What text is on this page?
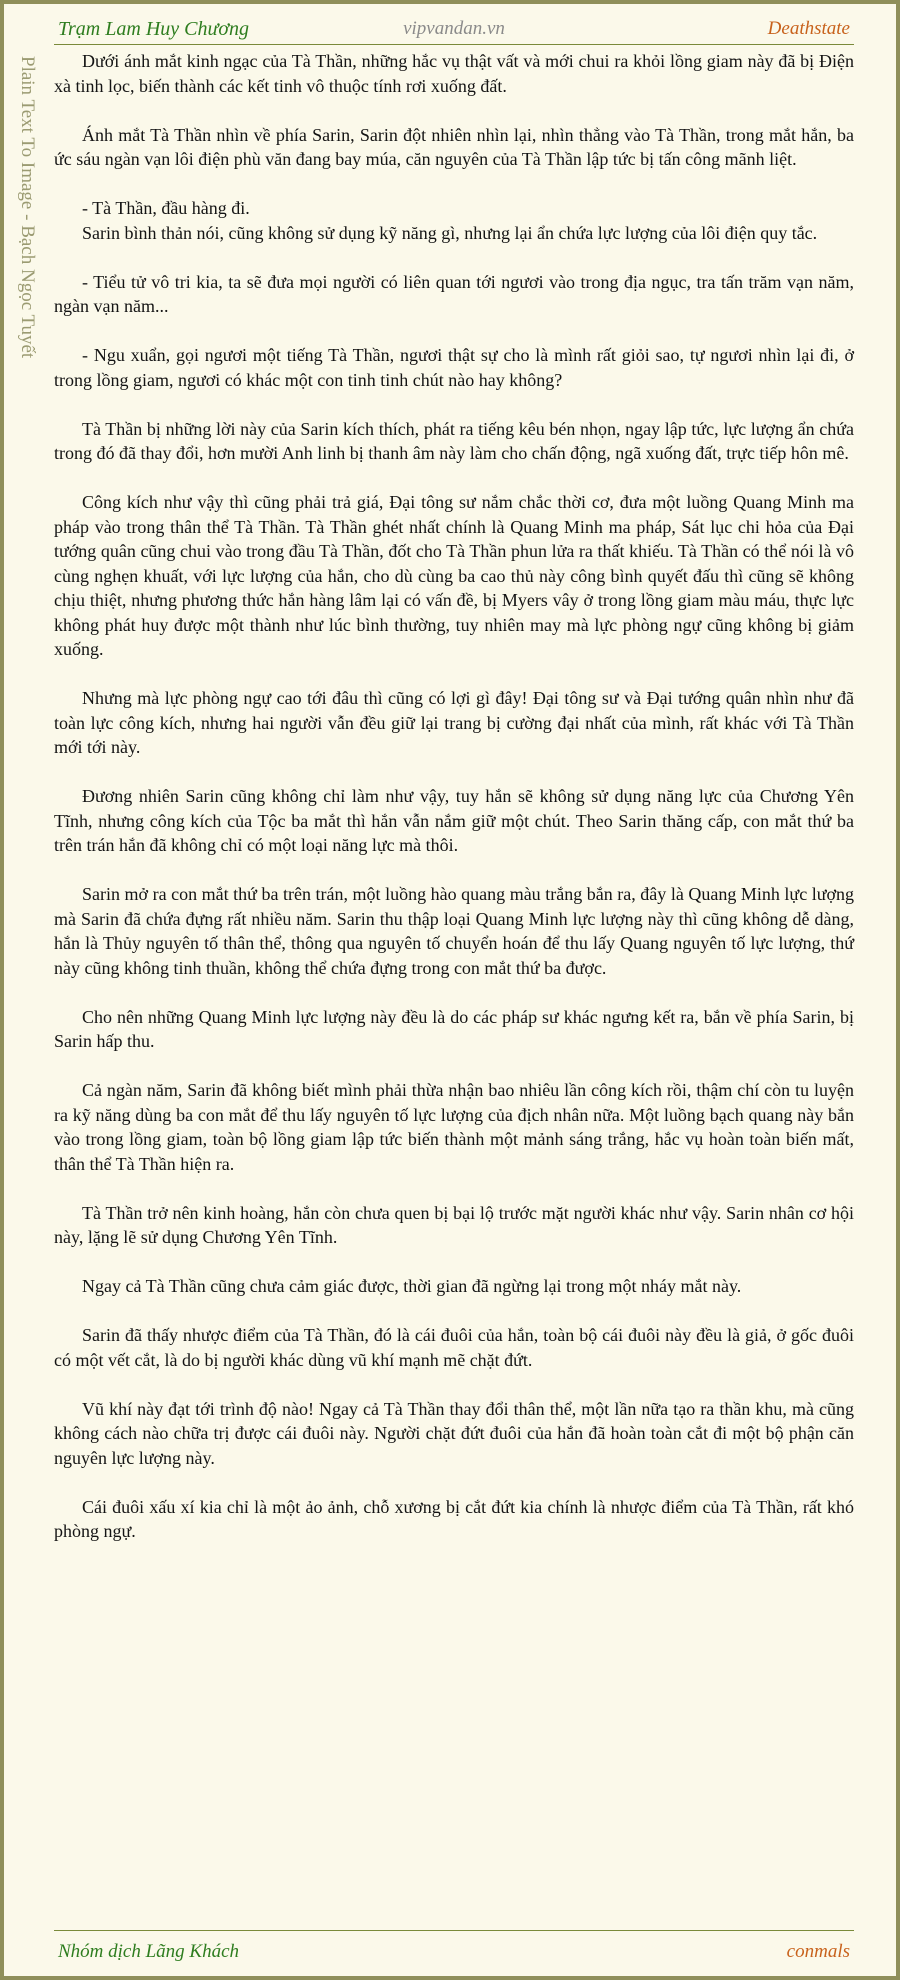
Trạm Lam Huy Chương	vipvandan.vn	Deathstate
Plain Text To Image - Bạch Ngọc Tuyết	Dưới ánh mắt kinh ngạc của Tà Thần, những hắc vụ thật vất và mới chui ra khỏi lồng giam này đã bị Điện xà tinh lọc, biến thành các kết tinh vô thuộc tính rơi xuống đất.

Ánh mắt Tà Thần nhìn về phía Sarin, Sarin đột nhiên nhìn lại, nhìn thẳng vào Tà Thần, trong mắt hắn, ba ức sáu ngàn vạn lôi điện phù văn đang bay múa, căn nguyên của Tà Thần lập tức bị tấn công mãnh liệt.

- Tà Thần, đầu hàng đi.

Sarin bình thản nói, cũng không sử dụng kỹ năng gì, nhưng lại ẩn chứa lực lượng của lôi điện quy tắc.

- Tiểu tử vô tri kia, ta sẽ đưa mọi người có liên quan tới ngươi vào trong địa ngục, tra tấn trăm vạn năm, ngàn vạn năm...

- Ngu xuẩn, gọi ngươi một tiếng Tà Thần, ngươi thật sự cho là mình rất giỏi sao, tự ngươi nhìn lại đi, ở trong lồng giam, ngươi có khác một con tinh tinh chút nào hay không?

Tà Thần bị những lời này của Sarin kích thích, phát ra tiếng kêu bén nhọn, ngay lập tức, lực lượng ẩn chứa trong đó đã thay đổi, hơn mười Anh linh bị thanh âm này làm cho chấn động, ngã xuống đất, trực tiếp hôn mê.

Công kích như vậy thì cũng phải trả giá, Đại tông sư nắm chắc thời cơ, đưa một luồng Quang Minh ma pháp vào trong thân thể Tà Thần. Tà Thần ghét nhất chính là Quang Minh ma pháp, Sát lục chi hỏa của Đại tướng quân cũng chui vào trong đầu Tà Thần, đốt cho Tà Thần phun lửa ra thất khiếu. Tà Thần có thể nói là vô cùng nghẹn khuất, với lực lượng của hắn, cho dù cùng ba cao thủ này công bình quyết đấu thì cũng sẽ không chịu thiệt, nhưng phương thức hắn hàng lâm lại có vấn đề, bị Myers vây ở trong lồng giam màu máu, thực lực không phát huy được một thành như lúc bình thường, tuy nhiên may mà lực phòng ngự cũng không bị giảm xuống.

Nhưng mà lực phòng ngự cao tới đâu thì cũng có lợi gì đây! Đại tông sư và Đại tướng quân nhìn như đã toàn lực công kích, nhưng hai người vẫn đều giữ lại trang bị cường đại nhất của mình, rất khác với Tà Thần mới tới này.

Đương nhiên Sarin cũng không chỉ làm như vậy, tuy hắn sẽ không sử dụng năng lực của Chương Yên Tĩnh, nhưng công kích của Tộc ba mắt thì hắn vẫn nắm giữ một chút. Theo Sarin thăng cấp, con mắt thứ ba trên trán hắn đã không chỉ có một loại năng lực mà thôi.

Sarin mở ra con mắt thứ ba trên trán, một luồng hào quang màu trắng bắn ra, đây là Quang Minh lực lượng mà Sarin đã chứa đựng rất nhiều năm. Sarin thu thập loại Quang Minh lực lượng này thì cũng không dễ dàng, hắn là Thủy nguyên tố thân thể, thông qua nguyên tố chuyển hoán để thu lấy Quang nguyên tố lực lượng, thứ này cũng không tinh thuần, không thể chứa đựng trong con mắt thứ ba được.

Cho nên những Quang Minh lực lượng này đều là do các pháp sư khác ngưng kết ra, bắn về phía Sarin, bị Sarin hấp thu.

Cả ngàn năm, Sarin đã không biết mình phải thừa nhận bao nhiêu lần công kích rồi, thậm chí còn tu luyện ra kỹ năng dùng ba con mắt để thu lấy nguyên tố lực lượng của địch nhân nữa. Một luồng bạch quang này bắn vào trong lồng giam, toàn bộ lồng giam lập tức biến thành một mảnh sáng trắng, hắc vụ hoàn toàn biến mất, thân thể Tà Thần hiện ra.

Tà Thần trở nên kinh hoàng, hắn còn chưa quen bị bại lộ trước mặt người khác như vậy. Sarin nhân cơ hội này, lặng lẽ sử dụng Chương Yên Tĩnh.

Ngay cả Tà Thần cũng chưa cảm giác được, thời gian đã ngừng lại trong một nháy mắt này.

Sarin đã thấy nhược điểm của Tà Thần, đó là cái đuôi của hắn, toàn bộ cái đuôi này đều là giả, ở gốc đuôi có một vết cắt, là do bị người khác dùng vũ khí mạnh mẽ chặt đứt.

Vũ khí này đạt tới trình độ nào! Ngay cả Tà Thần thay đổi thân thể, một lần nữa tạo ra thần khu, mà cũng không cách nào chữa trị được cái đuôi này. Người chặt đứt đuôi của hắn đã hoàn toàn cắt đi một bộ phận căn nguyên lực lượng này.

Cái đuôi xấu xí kia chỉ là một ảo ảnh, chỗ xương bị cắt đứt kia chính là nhược điểm của Tà Thần, rất khó phòng ngự.

Nhóm dịch Lãng Khách	conmals
